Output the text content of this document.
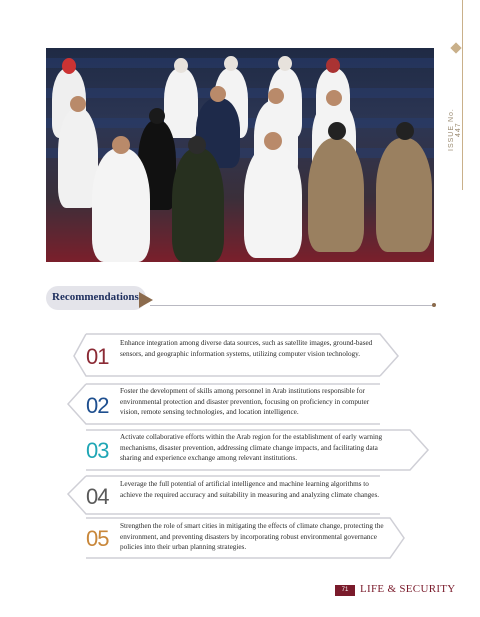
ISSUE No. 447
Recommendations
01
Enhance integration among diverse data sources, such as satellite images, ground-based sensors, and geographic information systems, utilizing computer vision technology.
02
Foster the development of skills among personnel in Arab institutions responsible for environmental protection and disaster prevention, focusing on proficiency in computer vision, remote sensing technologies, and location intelligence.
03
Activate collaborative efforts within the Arab region for the establishment of early warning mechanisms, disaster prevention, addressing climate change impacts, and facilitating data sharing and experience exchange among relevant institutions.
04 Leverage the full potential of artificial intelligence and machine learning algorithms to achieve the required accuracy and suitability in measuring and analyzing climate changes.
05 Strengthen the role of smart cities in mitigating the effects of climate change, protecting the environment, and preventing disasters by incorporating robust environmental governance policies into their urban planning strategies.
71	LIFE & SECURITY
